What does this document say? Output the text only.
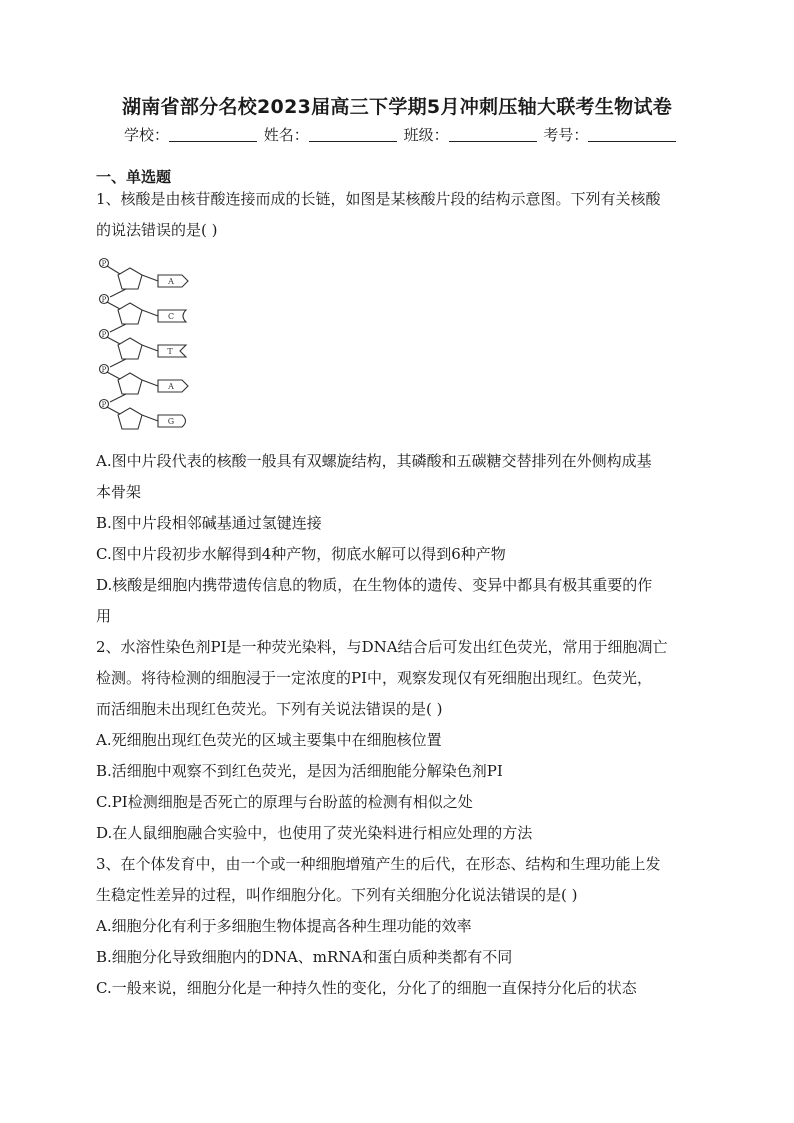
湖南省部分名校2023届高三下学期5月冲刺压轴大联考生物试卷
学校：	姓名：	班级：	考号：
一、单选题
1、核酸是由核苷酸连接而成的长链，如图是某核酸片段的结构示意图。下列有关核酸
的说法错误的是( )
P
A
P
C
P
T
P
A
P
G
A.图中片段代表的核酸一般具有双螺旋结构，其磷酸和五碳糖交替排列在外侧构成基
本骨架
B.图中片段相邻碱基通过氢键连接
C.图中片段初步水解得到4种产物，彻底水解可以得到6种产物
D.核酸是细胞内携带遗传信息的物质，在生物体的遗传、变异中都具有极其重要的作
用
2、水溶性染色剂PI是一种荧光染料，与DNA结合后可发出红色荧光，常用于细胞凋亡
检测。将待检测的细胞浸于一定浓度的PI中，观察发现仅有死细胞出现红。色荧光，
而活细胞未出现红色荧光。下列有关说法错误的是( )
A.死细胞出现红色荧光的区域主要集中在细胞核位置
B.活细胞中观察不到红色荧光，是因为活细胞能分解染色剂PI
C.PI检测细胞是否死亡的原理与台盼蓝的检测有相似之处
D.在人鼠细胞融合实验中，也使用了荧光染料进行相应处理的方法
3、在个体发育中，由一个或一种细胞增殖产生的后代，在形态、结构和生理功能上发
生稳定性差异的过程，叫作细胞分化。下列有关细胞分化说法错误的是( )
A.细胞分化有利于多细胞生物体提高各种生理功能的效率
B.细胞分化导致细胞内的DNA、mRNA和蛋白质种类都有不同
C.一般来说，细胞分化是一种持久性的变化，分化了的细胞一直保持分化后的状态
